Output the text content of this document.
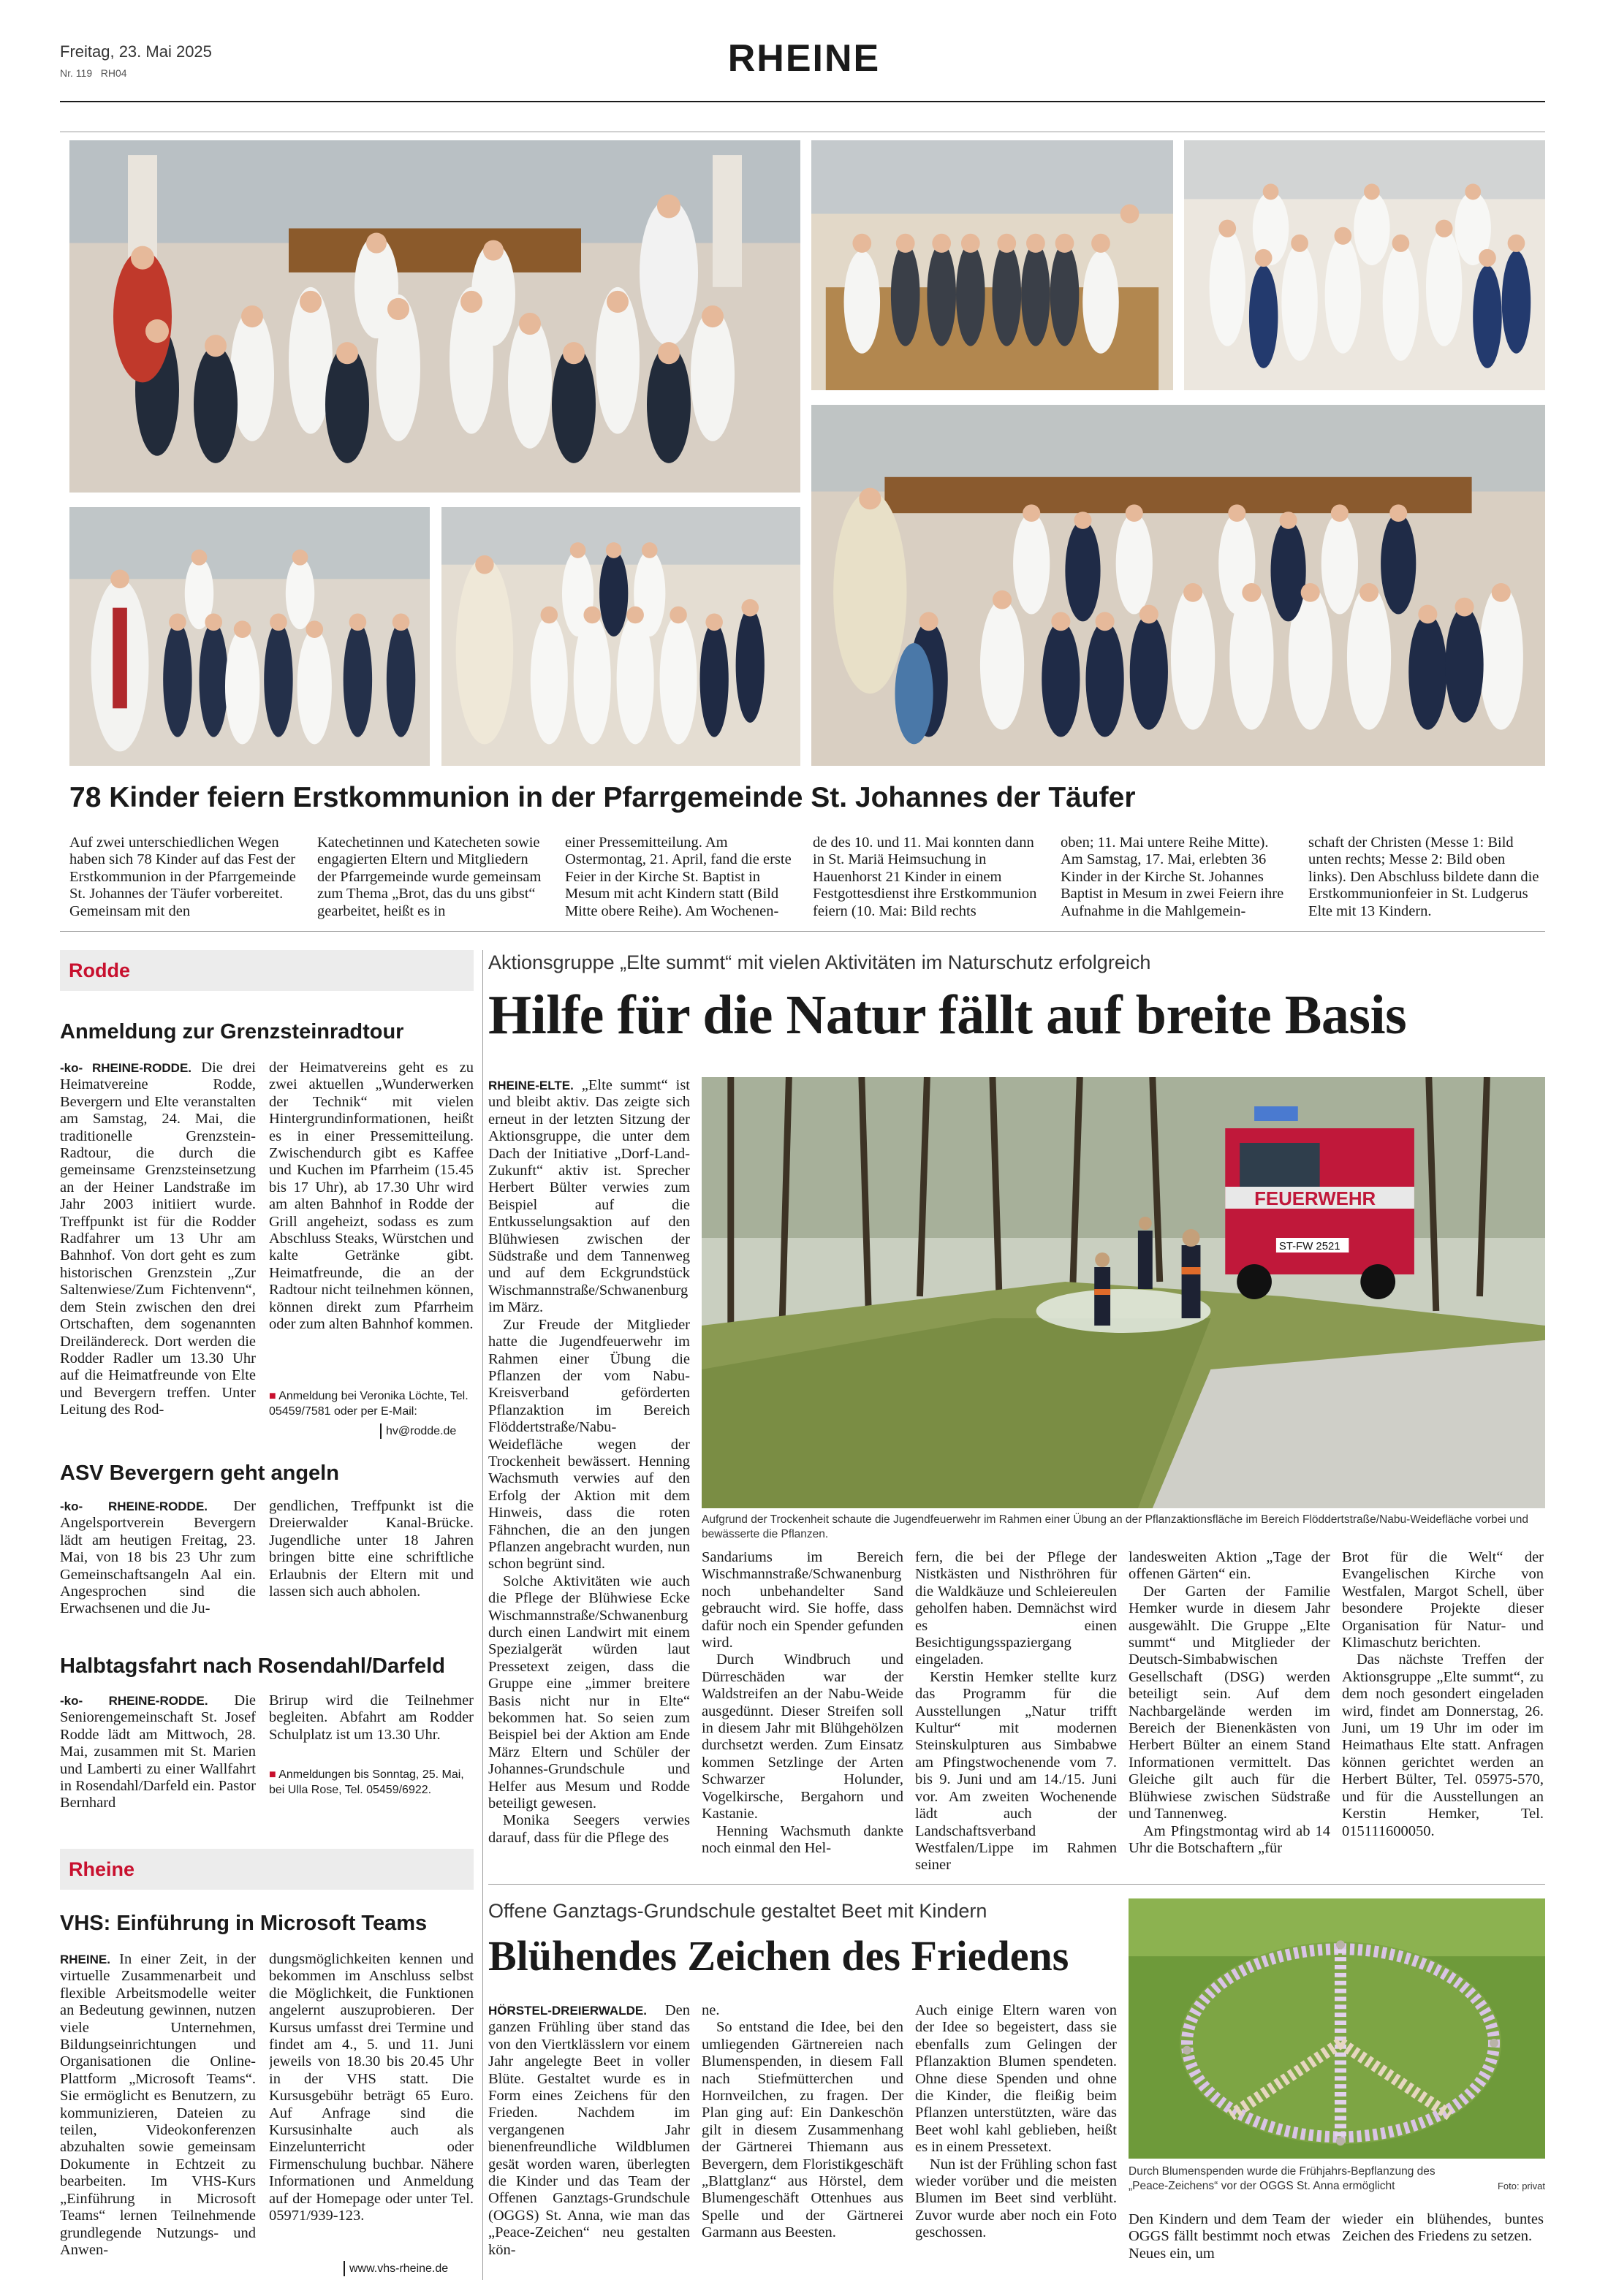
Freitag, 23. Mai 2025
Nr. 119 RH04	RHEINE
78 Kinder feiern Erstkommunion in der Pfarrgemeinde St. Johannes der Täufer
Auf zwei unterschiedlichen Wegen haben sich 78 Kinder auf das Fest der Erstkommunion in der Pfarrgemeinde St. Johannes der Täufer vorbereitet. Gemeinsam mit den
Katechetinnen und Katecheten sowie engagierten Eltern und Mitgliedern der Pfarrgemeinde wurde gemeinsam zum Thema „Brot, das du uns gibst“ gearbeitet, heißt es in
einer Pressemitteilung. Am Ostermontag, 21. April, fand die erste Feier in der Kirche St. Baptist in Mesum mit acht Kindern statt (Bild Mitte obere Reihe). Am Wochenen-
de des 10. und 11. Mai konnten dann in St. Mariä Heimsuchung in Hauenhorst 21 Kinder in einem Festgottesdienst ihre Erstkommunion feiern (10. Mai: Bild rechts
oben; 11. Mai untere Reihe Mitte). Am Samstag, 17. Mai, erlebten 36 Kinder in der Kirche St. Johannes Baptist in Mesum in zwei Feiern ihre Aufnahme in die Mahlgemein-
schaft der Christen (Messe 1: Bild unten rechts; Messe 2: Bild oben links). Den Abschluss bildete dann die Erstkommunionfeier in St. Ludgerus Elte mit 13 Kindern.
Rodde
Anmeldung zur Grenzsteinradtour
-ko- RHEINE-RODDE. Die drei Heimatvereine Rodde, Bevergern und Elte veranstalten am Samstag, 24. Mai, die traditionelle Grenzstein-Radtour, die durch die gemeinsame Grenzsteinsetzung an der Heiner Landstraße im Jahr 2003 initiiert wurde. Treffpunkt ist für die Rodder Radfahrer um 13 Uhr am Bahnhof. Von dort geht es zum historischen Grenzstein „Zur Saltenwiese/Zum Fichtenvenn“, dem Stein zwischen den drei Ortschaften, dem sogenannten Dreiländereck. Dort werden die Rodder Radler um 13.30 Uhr auf die Heimatfreunde von Elte und Bevergern treffen. Unter Leitung des Rod-
der Heimatvereins geht es zu zwei aktuellen „Wunderwerken der Technik“ mit vielen Hintergrundinformationen, heißt es in einer Pressemitteilung. Zwischendurch gibt es Kaffee und Kuchen im Pfarrheim (15.45 bis 17 Uhr), ab 17.30 Uhr wird am alten Bahnhof in Rodde der Grill angeheizt, sodass es zum Abschluss Steaks, Würstchen und kalte Getränke gibt. Heimatfreunde, die an der Radtour nicht teilnehmen können, können direkt zum Pfarrheim oder zum alten Bahnhof kommen.
■ Anmeldung bei Veronika Löchte, Tel. 05459/7581 oder per E-Mail:
hv@rodde.de
ASV Bevergern geht angeln
-ko- RHEINE-RODDE. Der Angelsportverein Bevergern lädt am heutigen Freitag, 23. Mai, von 18 bis 23 Uhr zum Gemeinschaftsangeln Aal ein. Angesprochen sind die Erwachsenen und die Ju-
gendlichen, Treffpunkt ist die Dreierwalder Kanal-Brücke. Jugendliche unter 18 Jahren bringen bitte eine schriftliche Erlaubnis der Eltern mit und lassen sich auch abholen.
Halbtagsfahrt nach Rosendahl/Darfeld
-ko- RHEINE-RODDE. Die Seniorengemeinschaft St. Josef Rodde lädt am Mittwoch, 28. Mai, zusammen mit St. Marien und Lamberti zu einer Wallfahrt in Rosendahl/Darfeld ein. Pastor Bernhard
Brirup wird die Teilnehmer begleiten. Abfahrt am Rodder Schulplatz ist um 13.30 Uhr.
■ Anmeldungen bis Sonntag, 25. Mai, bei Ulla Rose, Tel. 05459/6922.
Rheine
VHS: Einführung in Microsoft Teams
RHEINE. In einer Zeit, in der virtuelle Zusammenarbeit und flexible Arbeitsmodelle weiter an Bedeutung gewinnen, nutzen viele Unternehmen, Bildungseinrichtungen und Organisationen die Online-Plattform „Microsoft Teams“. Sie ermöglicht es Benutzern, zu kommunizieren, Dateien zu teilen, Videokonferenzen abzuhalten sowie gemeinsam Dokumente in Echtzeit zu bearbeiten. Im VHS-Kurs „Einführung in Microsoft Teams“ lernen Teilnehmende grundlegende Nutzungs- und Anwen-
dungsmöglichkeiten kennen und bekommen im Anschluss selbst die Möglichkeit, die Funktionen angelernt auszuprobieren. Der Kursus umfasst drei Termine und findet am 4., 5. und 11. Juni jeweils von 18.30 bis 20.45 Uhr in der VHS statt. Die Kursusgebühr beträgt 65 Euro. Auf Anfrage sind die Kursusinhalte auch als Einzelunterricht oder Firmenschulung buchbar. Nähere Informationen und Anmeldung auf der Homepage oder unter Tel. 05971/939-123.
www.vhs-rheine.de
Aktionsgruppe „Elte summt“ mit vielen Aktivitäten im Naturschutz erfolgreich
Hilfe für die Natur fällt auf breite Basis

RHEINE-ELTE. „Elte summt“ ist und bleibt aktiv. Das zeigte sich erneut in der letzten Sitzung der Aktionsgruppe, die unter dem Dach der Initiative „Dorf-Land-Zukunft“ aktiv ist. Sprecher Herbert Bülter verwies zum Beispiel auf die Entkusselungsaktion auf den Blühwiesen zwischen der Südstraße und dem Tannenweg und auf dem Eckgrundstück Wischmannstraße/Schwanenburg im März.

Zur Freude der Mitglieder hatte die Jugendfeuerwehr im Rahmen einer Übung die Pflanzen der vom Nabu-Kreisverband geförderten Pflanzaktion im Bereich Flöddertstraße/Nabu-Weidefläche wegen der Trockenheit bewässert. Henning Wachsmuth verwies auf den Erfolg der Aktion mit dem Hinweis, dass die roten Fähnchen, die an den jungen Pflanzen angebracht wurden, nun schon begrünt sind.

Solche Aktivitäten wie auch die Pflege der Blühwiese Ecke Wischmannstraße/Schwanenburg durch einen Landwirt mit einem Spezialgerät würden laut Pressetext zeigen, dass die Gruppe eine „immer breitere Basis nicht nur in Elte“ bekommen hat. So seien zum Beispiel bei der Aktion am Ende März Eltern und Schüler der Johannes-Grundschule und Helfer aus Mesum und Rodde beteiligt gewesen.

Monika Seegers verwies darauf, dass für die Pflege des

FEUERWEHR
ST-FW 2521
Aufgrund der Trockenheit schaute die Jugendfeuerwehr im Rahmen einer Übung an der Pflanzaktionsfläche im Bereich Flöddertstraße/Nabu-Weidefläche vorbei und bewässerte die Pflanzen.

Sandariums im Bereich Wischmannstraße/Schwanenburg noch unbehandelter Sand gebraucht wird. Sie hoffe, dass dafür noch ein Spender gefunden wird.

Durch Windbruch und Dürreschäden war der Waldstreifen an der Nabu-Weide ausgedünnt. Dieser Streifen soll in diesem Jahr mit Blühgehölzen durchsetzt werden. Zum Einsatz kommen Setzlinge der Arten Schwarzer Holunder, Vogelkirsche, Bergahorn und Kastanie.

Henning Wachsmuth dankte noch einmal den Hel-

fern, die bei der Pflege der Nistkästen und Nisthröhren für die Waldkäuze und Schleiereulen geholfen haben. Demnächst wird es einen Besichtigungsspaziergang eingeladen.

Kerstin Hemker stellte kurz das Programm für die Ausstellungen „Natur trifft Kultur“ mit modernen Steinskulpturen aus Simbabwe am Pfingstwochenende vom 7. bis 9. Juni und am 14./15. Juni vor. Am zweiten Wochenende lädt auch der Landschaftsverband Westfalen/Lippe im Rahmen seiner

landesweiten Aktion „Tage der offenen Gärten“ ein.

Der Garten der Familie Hemker wurde in diesem Jahr ausgewählt. Die Gruppe „Elte summt“ und Mitglieder der Deutsch-Simbabwischen Gesellschaft (DSG) werden beteiligt sein. Auf dem Nachbargelände werden im Bereich der Bienenkästen von Herbert Bülter an einem Stand Informationen vermittelt. Das Gleiche gilt auch für die Blühwiese zwischen Südstraße und Tannenweg.

Am Pfingstmontag wird ab 14 Uhr die Botschaftern „für

Brot für die Welt“ der Evangelischen Kirche von Westfalen, Margot Schell, über besondere Projekte dieser Organisation für Natur- und Klimaschutz berichten.

Das nächste Treffen der Aktionsgruppe „Elte summt“, zu dem noch gesondert eingeladen wird, findet am Donnerstag, 26. Juni, um 19 Uhr im oder im Heimathaus Elte statt. Anfragen können gerichtet werden an Herbert Bülter, Tel. 05975-570, und für die Ausstellungen an Kerstin Hemker, Tel. 015111600050.

Offene Ganztags-Grundschule gestaltet Beet mit Kindern
Blühendes Zeichen des Friedens
HÖRSTEL-DREIERWALDE. Den ganzen Frühling über stand das von den Viertklässlern vor einem Jahr angelegte Beet in voller Blüte. Gestaltet wurde es in Form eines Zeichens für den Frieden. Nachdem im vergangenen Jahr bienenfreundliche Wildblumen gesät worden waren, überlegten die Kinder und das Team der Offenen Ganztags-Grundschule (OGGS) St. Anna, wie man das „Peace-Zeichen“ neu gestalten kön-

ne.

So entstand die Idee, bei den umliegenden Gärtnereien nach Blumenspenden, in diesem Fall nach Stiefmütterchen und Hornveilchen, zu fragen. Der Plan ging auf: Ein Dankeschön gilt in diesem Zusammenhang der Gärtnerei Thiemann aus Bevergern, dem Floristikgeschäft „Blattglanz“ aus Hörstel, dem Blumengeschäft Ottenhues aus Spelle und der Gärtnerei Garmann aus Beesten.

Auch einige Eltern waren von der Idee so begeistert, dass sie ebenfalls zum Gelingen der Pflanzaktion Blumen spendeten. Ohne diese Spenden und ohne die Kinder, die fleißig beim Pflanzen unterstützten, wäre das Beet wohl kahl geblieben, heißt es in einem Pressetext.

Nun ist der Frühling schon fast wieder vorüber und die meisten Blumen im Beet sind verblüht. Zuvor wurde aber noch ein Foto geschossen.

Durch Blumenspenden wurde die Frühjahrs-Bepflanzung des „Peace-Zeichens“ vor der OGGS St. Anna ermöglicht	Foto: privat
Den Kindern und dem Team der OGGS fällt bestimmt noch etwas Neues ein, um
wieder ein blühendes, buntes Zeichen des Friedens zu setzen.
